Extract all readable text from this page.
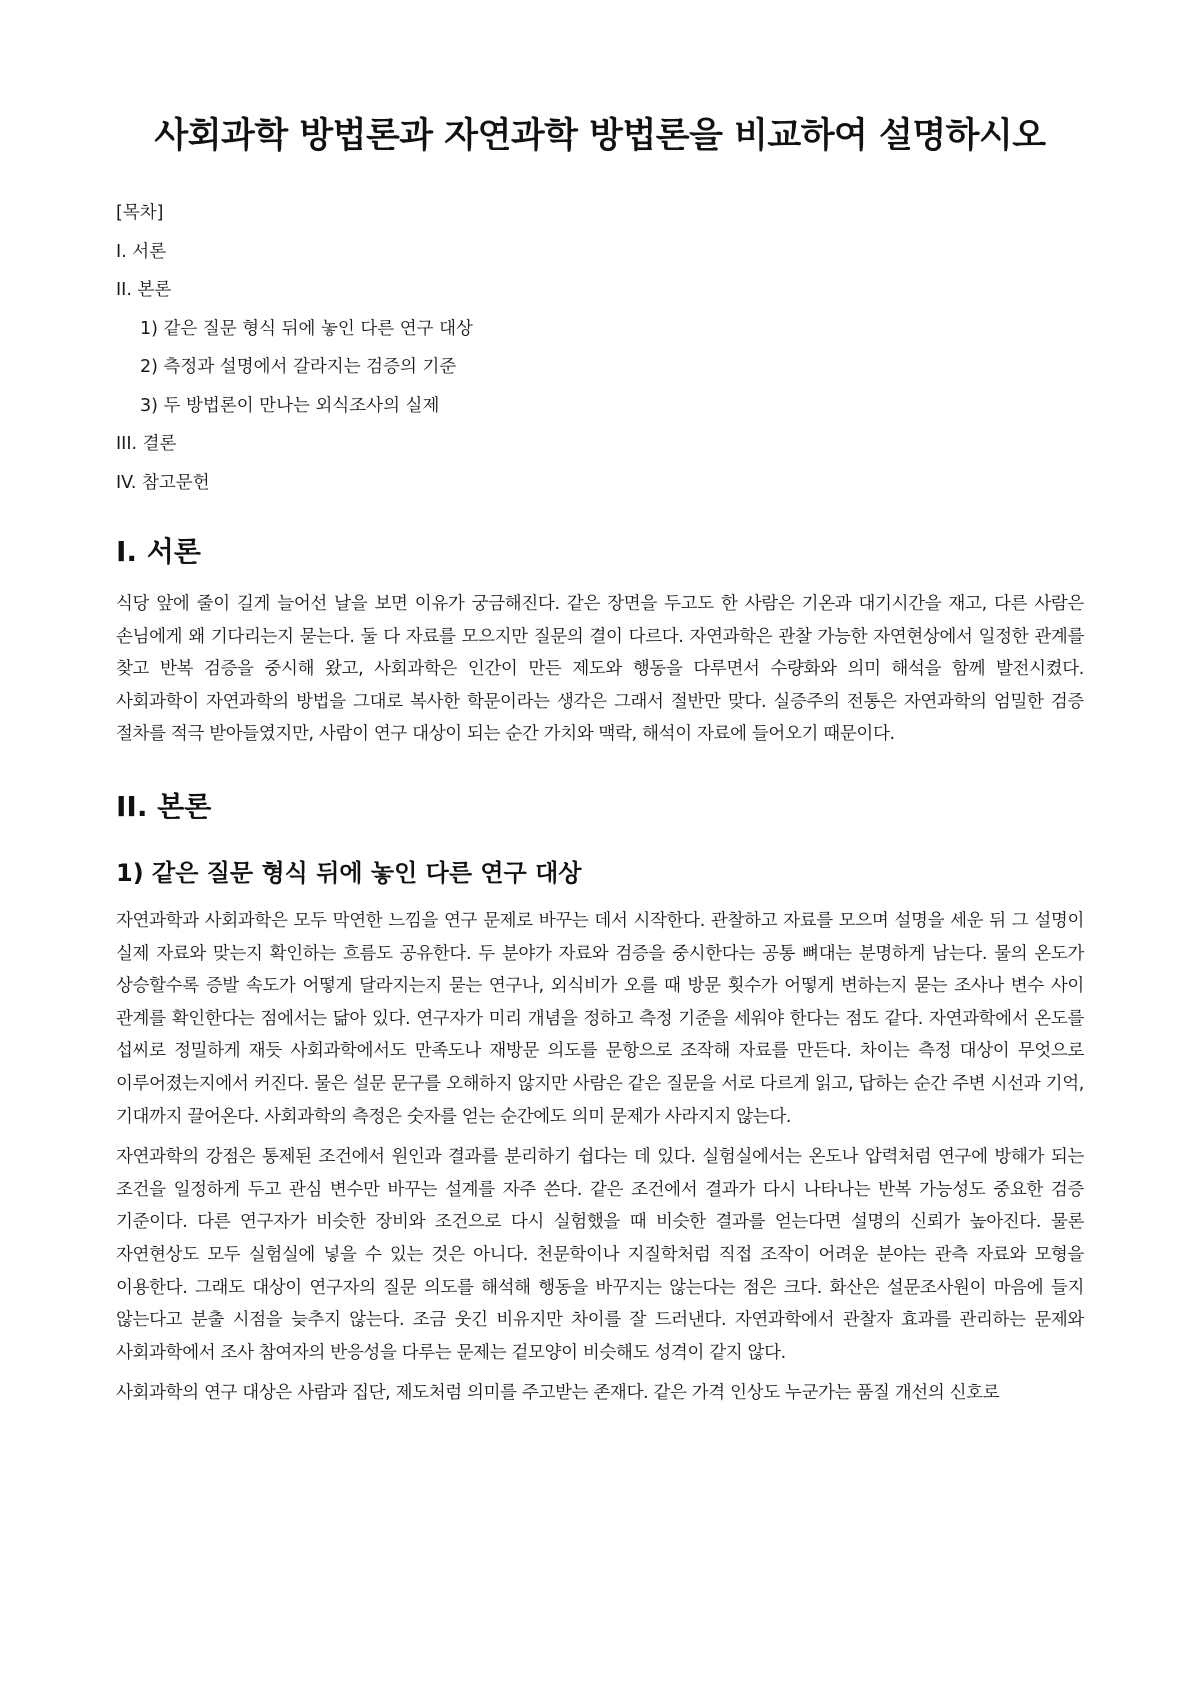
사회과학 방법론과 자연과학 방법론을 비교하여 설명하시오
[목차]
I. 서론
II. 본론
1) 같은 질문 형식 뒤에 놓인 다른 연구 대상
2) 측정과 설명에서 갈라지는 검증의 기준
3) 두 방법론이 만나는 외식조사의 실제
III. 결론
IV. 참고문헌
I. 서론

식당 앞에 줄이 길게 늘어선 날을 보면 이유가 궁금해진다. 같은 장면을 두고도 한 사람은 기온과 대기시간을 재고, 다른 사람은 손님에게 왜 기다리는지 묻는다. 둘 다 자료를 모으지만 질문의 결이 다르다. 자연과학은 관찰 가능한 자연현상에서 일정한 관계를 찾고 반복 검증을 중시해 왔고, 사회과학은 인간이 만든 제도와 행동을 다루면서 수량화와 의미 해석을 함께 발전시켰다. 사회과학이 자연과학의 방법을 그대로 복사한 학문이라는 생각은 그래서 절반만 맞다. 실증주의 전통은 자연과학의 엄밀한 검증 절차를 적극 받아들였지만, 사람이 연구 대상이 되는 순간 가치와 맥락, 해석이 자료에 들어오기 때문이다.

II. 본론
1) 같은 질문 형식 뒤에 놓인 다른 연구 대상

자연과학과 사회과학은 모두 막연한 느낌을 연구 문제로 바꾸는 데서 시작한다. 관찰하고 자료를 모으며 설명을 세운 뒤 그 설명이 실제 자료와 맞는지 확인하는 흐름도 공유한다. 두 분야가 자료와 검증을 중시한다는 공통 뼈대는 분명하게 남는다. 물의 온도가 상승할수록 증발 속도가 어떻게 달라지는지 묻는 연구나, 외식비가 오를 때 방문 횟수가 어떻게 변하는지 묻는 조사나 변수 사이 관계를 확인한다는 점에서는 닮아 있다. 연구자가 미리 개념을 정하고 측정 기준을 세워야 한다는 점도 같다. 자연과학에서 온도를 섭씨로 정밀하게 재듯 사회과학에서도 만족도나 재방문 의도를 문항으로 조작해 자료를 만든다. 차이는 측정 대상이 무엇으로 이루어졌는지에서 커진다. 물은 설문 문구를 오해하지 않지만 사람은 같은 질문을 서로 다르게 읽고, 답하는 순간 주변 시선과 기억, 기대까지 끌어온다. 사회과학의 측정은 숫자를 얻는 순간에도 의미 문제가 사라지지 않는다.

자연과학의 강점은 통제된 조건에서 원인과 결과를 분리하기 쉽다는 데 있다. 실험실에서는 온도나 압력처럼 연구에 방해가 되는 조건을 일정하게 두고 관심 변수만 바꾸는 설계를 자주 쓴다. 같은 조건에서 결과가 다시 나타나는 반복 가능성도 중요한 검증 기준이다. 다른 연구자가 비슷한 장비와 조건으로 다시 실험했을 때 비슷한 결과를 얻는다면 설명의 신뢰가 높아진다. 물론 자연현상도 모두 실험실에 넣을 수 있는 것은 아니다. 천문학이나 지질학처럼 직접 조작이 어려운 분야는 관측 자료와 모형을 이용한다. 그래도 대상이 연구자의 질문 의도를 해석해 행동을 바꾸지는 않는다는 점은 크다. 화산은 설문조사원이 마음에 들지 않는다고 분출 시점을 늦추지 않는다. 조금 웃긴 비유지만 차이를 잘 드러낸다. 자연과학에서 관찰자 효과를 관리하는 문제와 사회과학에서 조사 참여자의 반응성을 다루는 문제는 겉모양이 비슷해도 성격이 같지 않다.

사회과학의 연구 대상은 사람과 집단, 제도처럼 의미를 주고받는 존재다. 같은 가격 인상도 누군가는 품질 개선의 신호로
